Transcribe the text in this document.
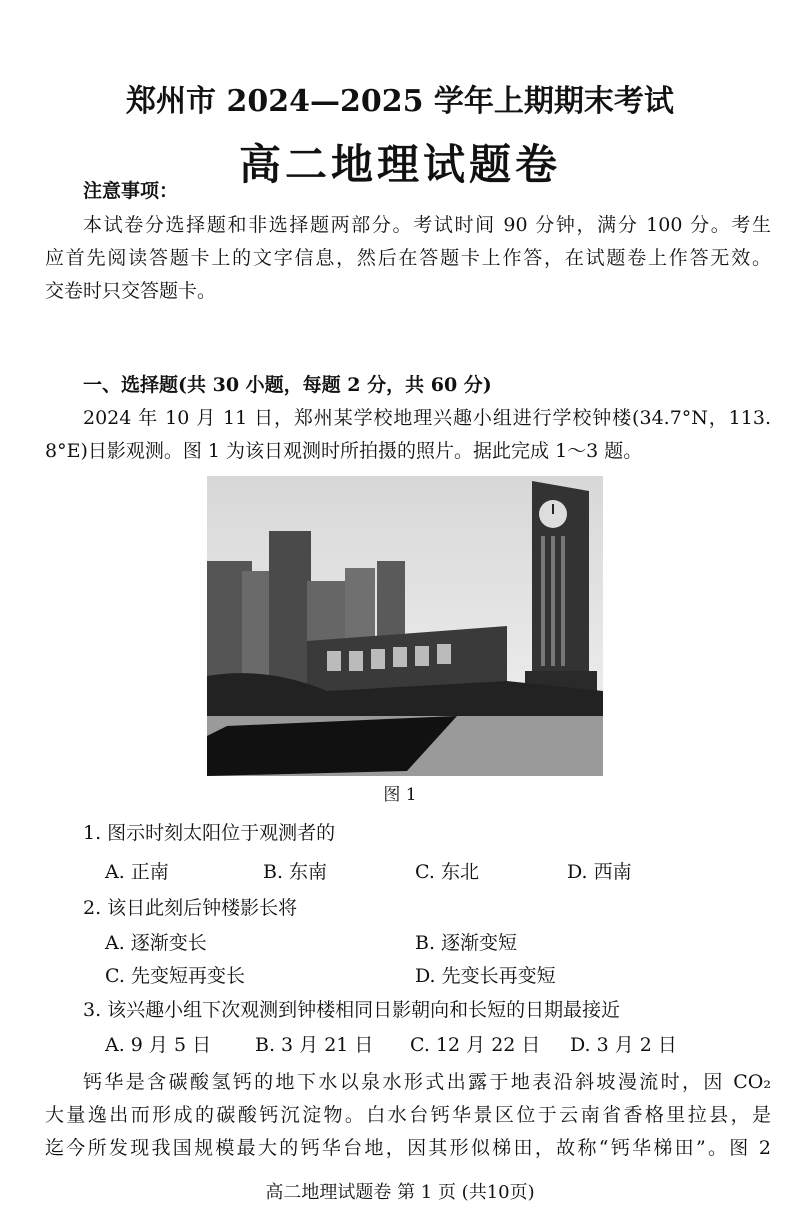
郑州市 2024—2025 学年上期期末考试
高二地理试题卷
注意事项：
本试卷分选择题和非选择题两部分。考试时间 90 分钟，满分 100 分。考生
应首先阅读答题卡上的文字信息，然后在答题卡上作答，在试题卷上作答无效。
交卷时只交答题卡。
一、选择题(共 30 小题，每题 2 分，共 60 分)
2024 年 10 月 11 日，郑州某学校地理兴趣小组进行学校钟楼(34.7°N，113.
8°E)日影观测。图 1 为该日观测时所拍摄的照片。据此完成 1～3 题。
图 1
1. 图示时刻太阳位于观测者的
A. 正南	B. 东南	C. 东北	D. 西南
2. 该日此刻后钟楼影长将
A. 逐渐变长	B. 逐渐变短
C. 先变短再变长	D. 先变长再变短
3. 该兴趣小组下次观测到钟楼相同日影朝向和长短的日期最接近
A. 9 月 5 日 B. 3 月 21 日 C. 12 月 22 日 D. 3 月 2 日
钙华是含碳酸氢钙的地下水以泉水形式出露于地表沿斜坡漫流时，因 CO₂
大量逸出而形成的碳酸钙沉淀物。白水台钙华景区位于云南省香格里拉县，是
迄今所发现我国规模最大的钙华台地，因其形似梯田，故称“钙华梯田”。图 2
高二地理试题卷 第 1 页 (共10页)
